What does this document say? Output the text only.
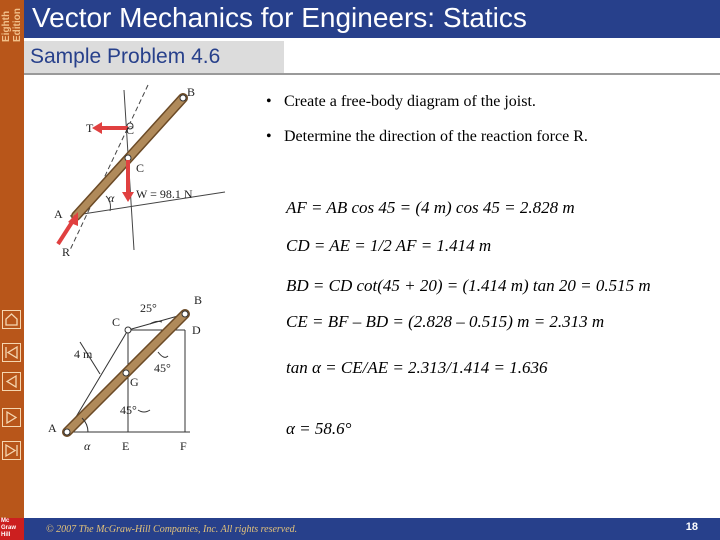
Eighth Edition Vector Mechanics for Engineers: Statics
Sample Problem 4.6
B
T	C
C
W = 98.1 N
α
A
R
B
C
D
25°
4 m
G
45°
45°
A
α	E	F
• Create a free-body diagram of the joist.
• Determine the direction of the reaction force R.
AF = AB cos 45 = (4 m) cos 45 = 2.828 m
CD = AE = 1/2 AF = 1.414 m
BD = CD cot(45 + 20) = (1.414 m) tan 20 = 0.515 m
CE = BF – BD = (2.828 – 0.515) m = 2.313 m
tan α = CE/AE = 2.313/1.414 = 1.636
α = 58.6°
Mc Graw Hill	© 2007 The McGraw-Hill Companies, Inc. All rights reserved.	18
